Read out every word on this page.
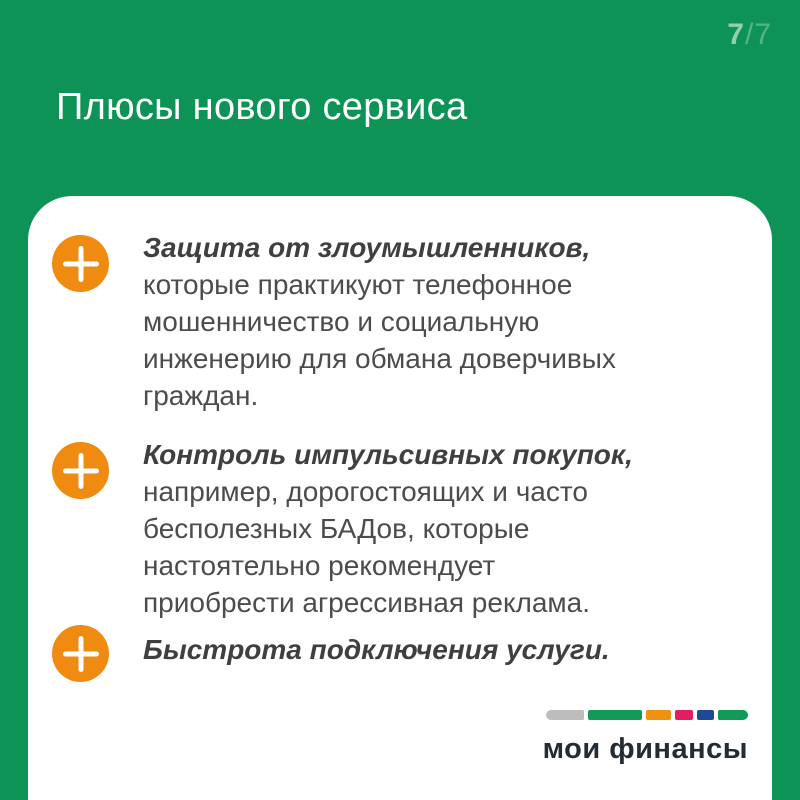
7/7
Плюсы нового сервиса

Защита от злоумышленников, которые практикуют телефонное мошенничество и социальную инженерию для обмана доверчивых граждан.

Контроль импульсивных покупок, например, дорогостоящих и часто бесполезных БАДов, которые настоятельно рекомендует приобрести агрессивная реклама.

Быстрота подключения услуги.

мои финансы
